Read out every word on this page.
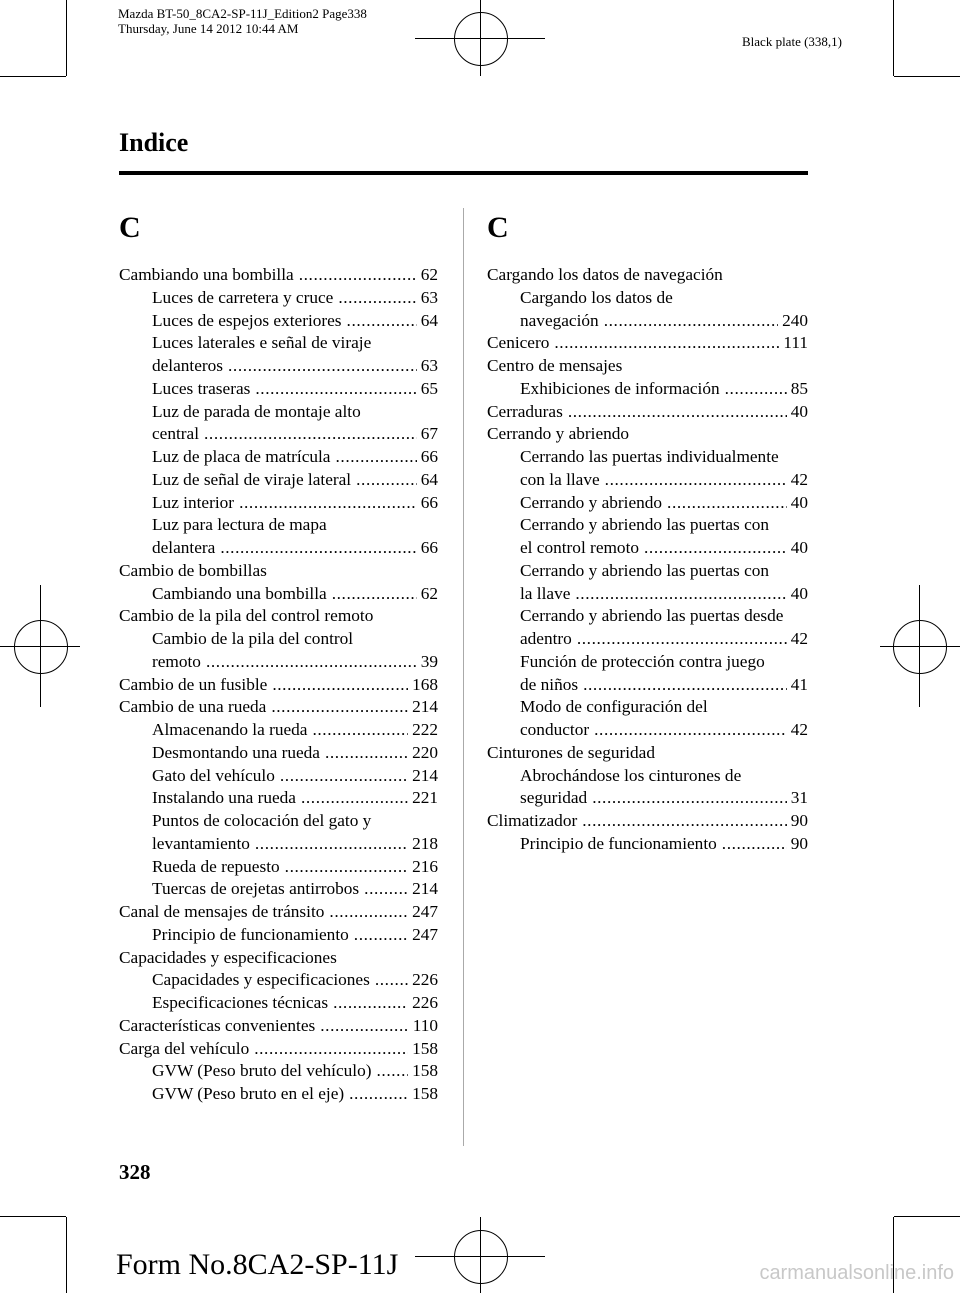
Mazda BT-50_8CA2-SP-11J_Edition2 Page338
Thursday, June 14 2012 10:44 AM
Black plate (338,1)
Indice
C
Cambiando una bombilla .....	62
Luces de carretera y cruce .....	63
Luces de espejos exteriores .....	64
Luces laterales e señal de viraje
delanteros .....	63
Luces traseras .....	65
Luz de parada de montaje alto
central .....	67
Luz de placa de matrícula .....	66
Luz de señal de viraje lateral .....	64
Luz interior .....	66
Luz para lectura de mapa
delantera .....	66
Cambio de bombillas
Cambiando una bombilla .....	62
Cambio de la pila del control remoto
Cambio de la pila del control
remoto .....	39
Cambio de un fusible .....	168
Cambio de una rueda .....	214
Almacenando la rueda .....	222
Desmontando una rueda .....	220
Gato del vehículo .....	214
Instalando una rueda .....	221
Puntos de colocación del gato y
levantamiento .....	218
Rueda de repuesto .....	216
Tuercas de orejetas antirrobos .....	214
Canal de mensajes de tránsito .....	247
Principio de funcionamiento .....	247
Capacidades y especificaciones
Capacidades y especificaciones ..... 226
Especificaciones técnicas .....	226
Características convenientes .....	110
Carga del vehículo .....	158
GVW (Peso bruto del vehículo) ..... 158
GVW (Peso bruto en el eje) .....	158
C
Cargando los datos de navegación
Cargando los datos de
navegación .....	240
Cenicero .....	111
Centro de mensajes
Exhibiciones de información .....	85
Cerraduras .....	40
Cerrando y abriendo
Cerrando las puertas individualmente
con la llave .....	42
Cerrando y abriendo .....	40
Cerrando y abriendo las puertas con
el control remoto .....	40
Cerrando y abriendo las puertas con
la llave .....	40
Cerrando y abriendo las puertas desde
adentro .....	42
Función de protección contra juego
de niños .....	41
Modo de configuración del
conductor .....	42
Cinturones de seguridad
Abrochándose los cinturones de
seguridad .....	31
Climatizador .....	90
Principio de funcionamiento .....	90
328
Form No.8CA2-SP-11J	carmanualsonline.info
